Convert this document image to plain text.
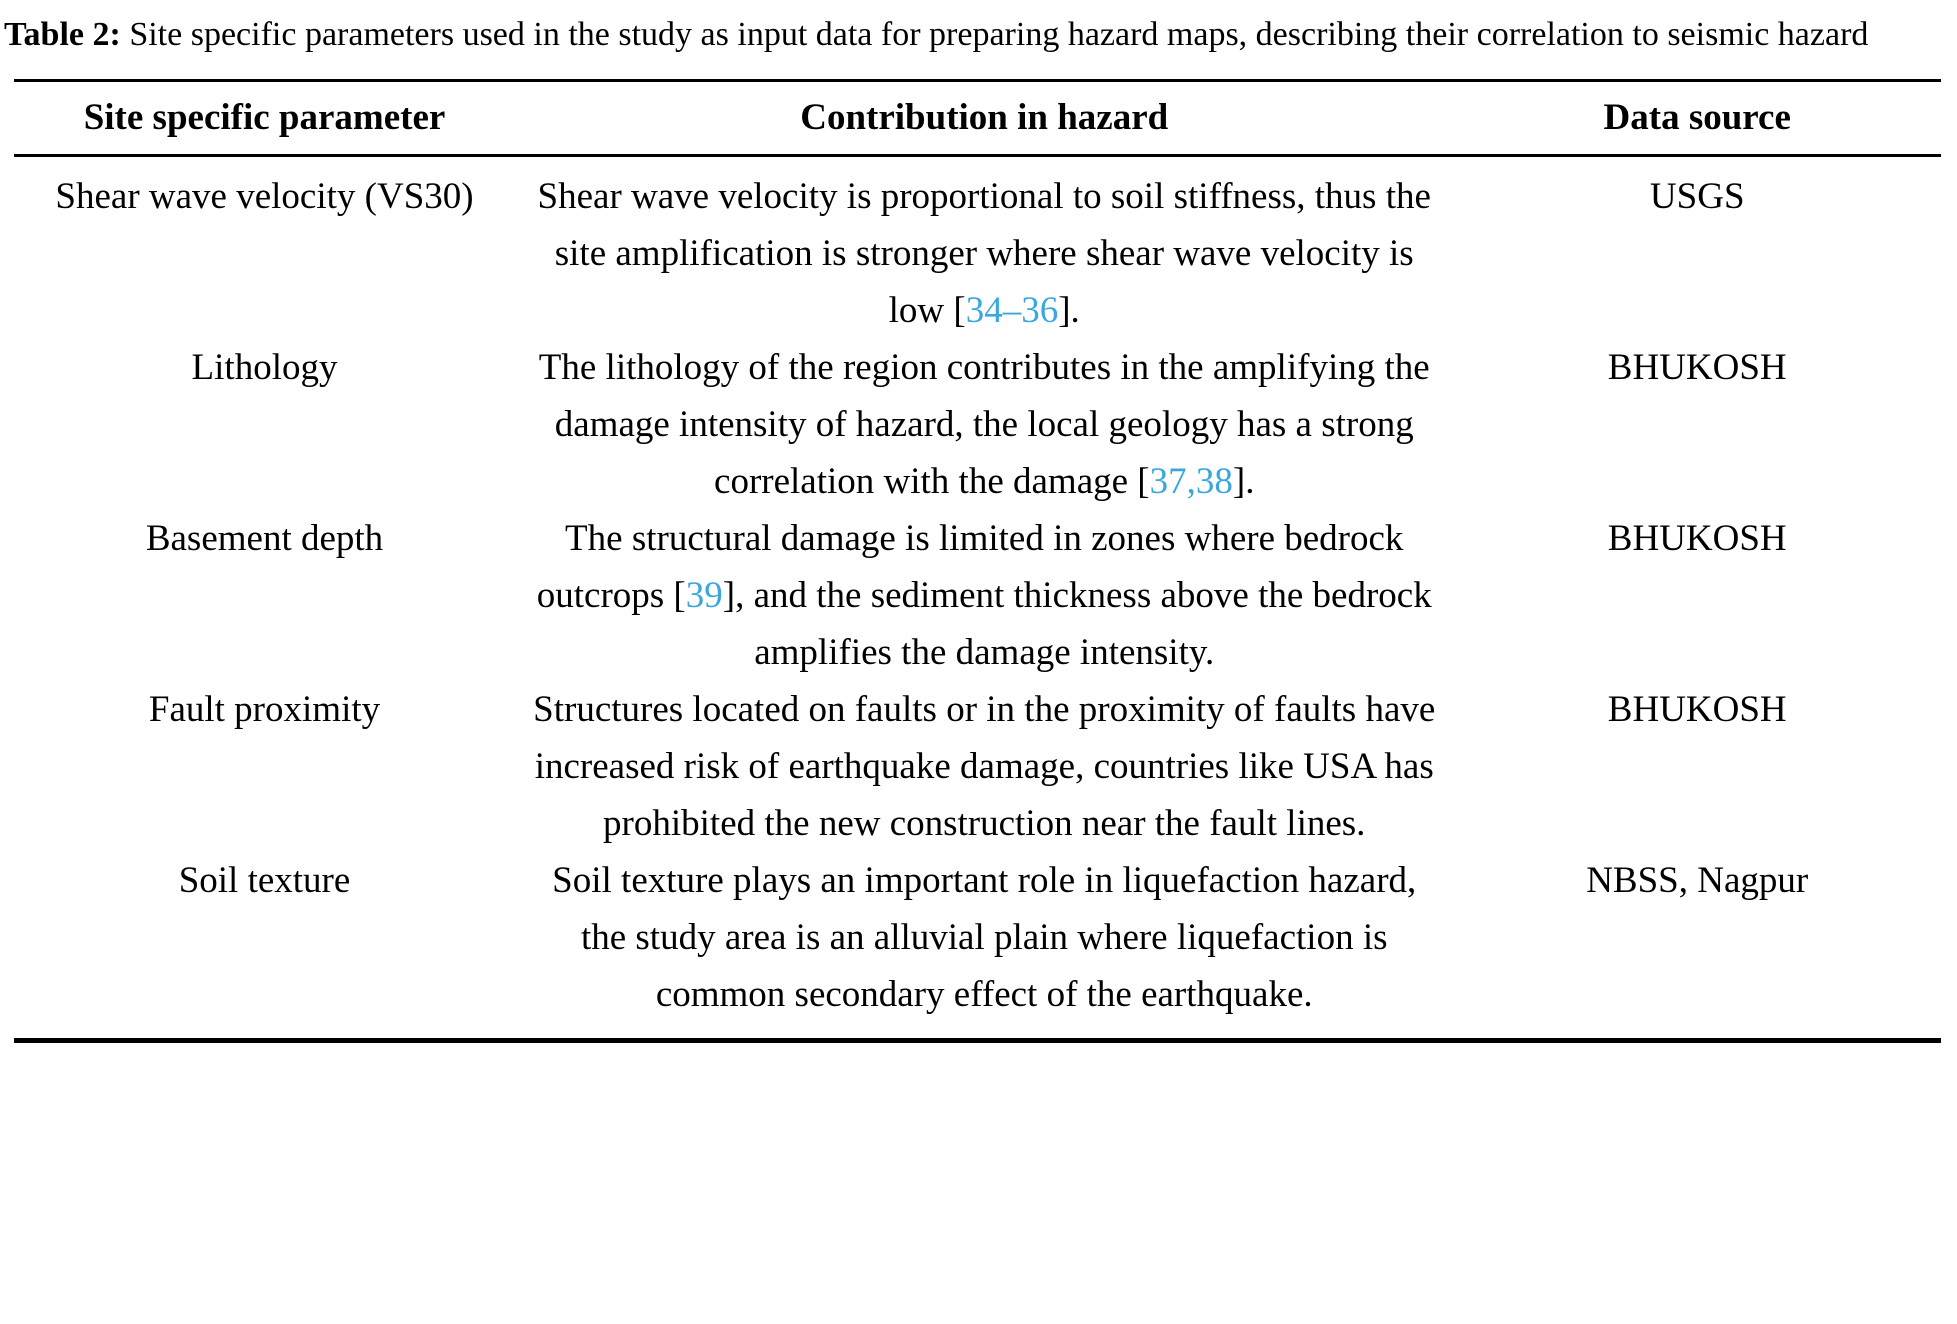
Table 2: Site specific parameters used in the study as input data for preparing hazard maps, describing their correlation to seismic hazard
Site specific parameter	Contribution in hazard	Data source
Shear wave velocity (VS30)	Shear wave velocity is proportional to soil stiffness, thus the site amplification is stronger where shear wave velocity is low [34–36].	USGS
Lithology	The lithology of the region contributes in the amplifying the damage intensity of hazard, the local geology has a strong correlation with the damage [37,38].	BHUKOSH
Basement depth	The structural damage is limited in zones where bedrock outcrops [39], and the sediment thickness above the bedrock amplifies the damage intensity.	BHUKOSH
Fault proximity	Structures located on faults or in the proximity of faults have increased risk of earthquake damage, countries like USA has prohibited the new construction near the fault lines.	BHUKOSH
Soil texture	Soil texture plays an important role in liquefaction hazard, the study area is an alluvial plain where liquefaction is common secondary effect of the earthquake.	NBSS, Nagpur
